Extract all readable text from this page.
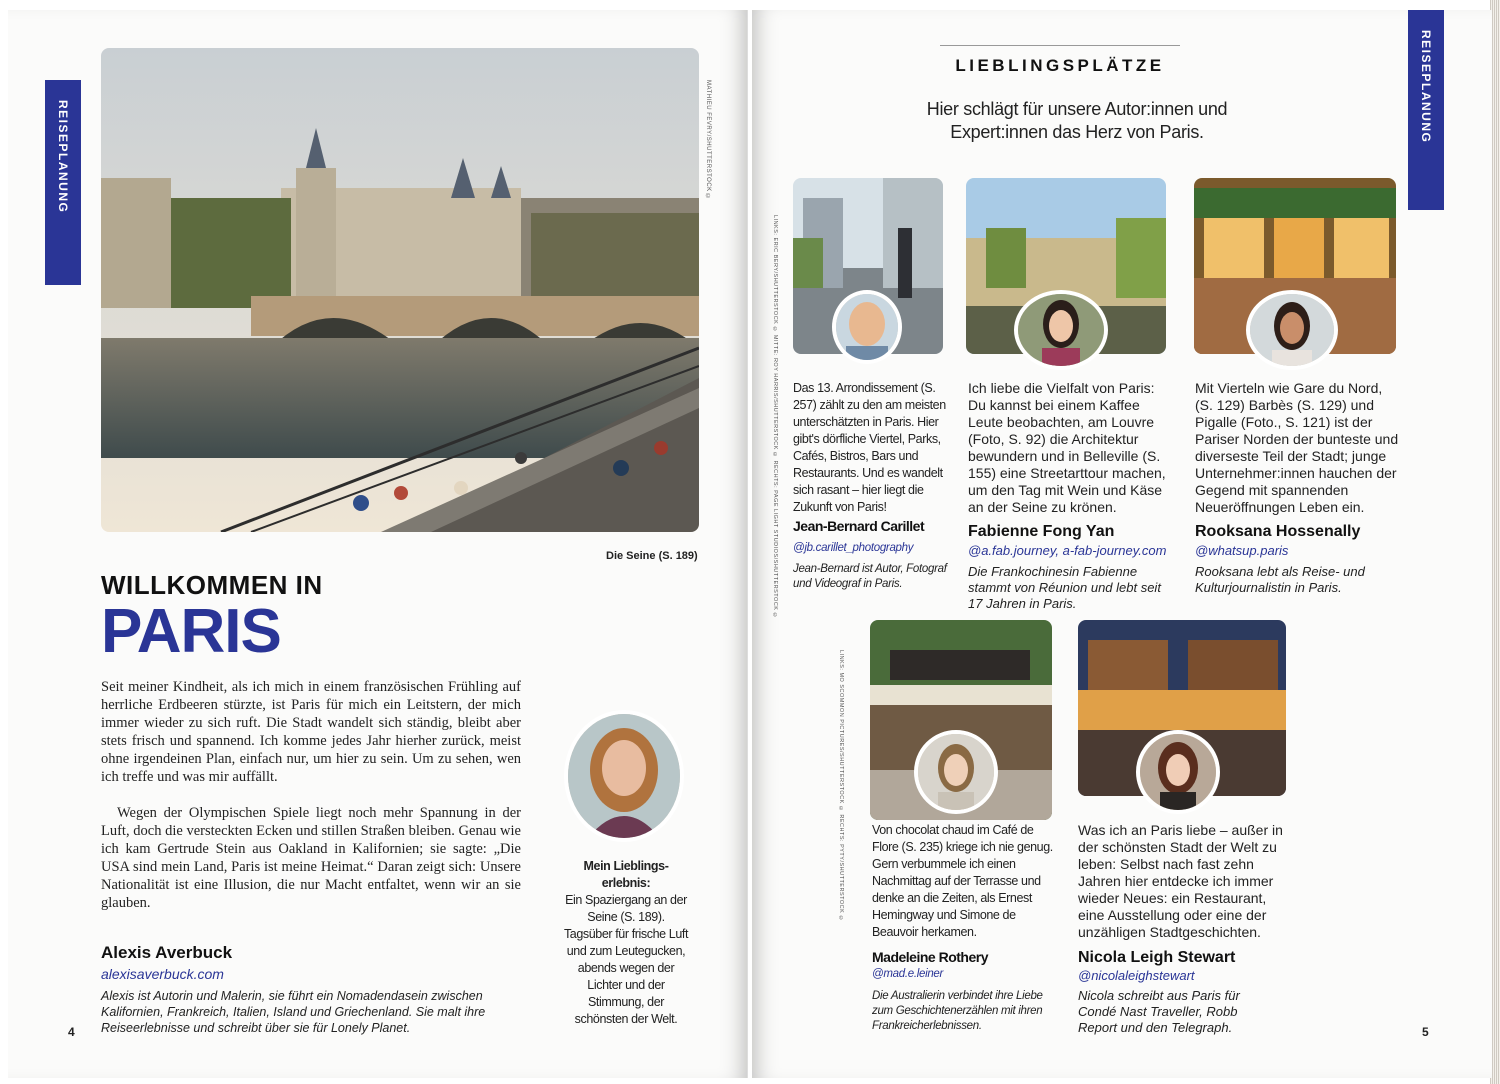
REISEPLANUNG	MATHIEU FEVRY/SHUTTERSTOCK ©
Die Seine (S. 189)
WILLKOMMEN IN
PARIS

Seit meiner Kindheit, als ich mich in einem französischen Frühling auf herrliche Erdbeeren stürzte, ist Paris für mich ein Leitstern, der mich immer wieder zu sich ruft. Die Stadt wandelt sich ständig, bleibt aber stets frisch und spannend. Ich komme jedes Jahr hierher zurück, meist ohne irgendeinen Plan, einfach nur, um hier zu sein. Um zu sehen, wen ich treffe und was mir auffällt.

Wegen der Olympischen Spiele liegt noch mehr Spannung in der Luft, doch die versteckten Ecken und stillen Straßen bleiben. Genau wie ich kam Gertrude Stein aus Oakland in Kalifornien; sie sagte: „Die USA sind mein Land, Paris ist meine Heimat.“ Daran zeigt sich: Unsere Nationalität ist eine Illusion, die nur Macht entfaltet, wenn wir an sie glauben.

Alexis Averbuck
alexisaverbuck.com
Alexis ist Autorin und Malerin, sie führt ein Nomadendasein zwischen Kalifornien, Frankreich, Italien, Island und Griechenland. Sie malt ihre Reiseerlebnisse und schreibt über sie für Lonely Planet.
Mein Lieblings-erlebnis:
Ein Spaziergang an der Seine (S. 189). Tagsüber für frische Luft und zum Leutegucken, abends wegen der Lichter und der Stimmung, der schönsten der Welt.
4
REISEPLANUNG
LIEBLINGSPLÄTZE
Hier schlägt für unsere Autor:innen und Expert:innen das Herz von Paris.
LINKS: ERIC BERY/SHUTTERSTOCK © MITTE: ROY HARRIS/SHUTTERSTOCK © RECHTS: PAGE LIGHT STUDIOS/SHUTTERSTOCK ©
LINKS: MO SCOMMON PICTURES/SHUTTERSTOCK © RECHTS: PYTY/SHUTTERSTOCK ©
Das 13. Arrondissement (S. 257) zählt zu den am meisten unterschätzten in Paris. Hier gibt's dörfliche Viertel, Parks, Cafés, Bistros, Bars und Restaurants. Und es wandelt sich rasant – hier liegt die Zukunft von Paris!
Jean-Bernard Carillet
@jb.carillet_photography
Jean-Bernard ist Autor, Fotograf und Videograf in Paris.
Ich liebe die Vielfalt von Paris: Du kannst bei einem Kaffee Leute beobachten, am Louvre (Foto, S. 92) die Architektur bewundern und in Belleville (S. 155) eine Streetarttour machen, um den Tag mit Wein und Käse an der Seine zu krönen.
Fabienne Fong Yan
@a.fab.journey, a-fab-journey.com
Die Frankochinesin Fabienne stammt von Réunion und lebt seit 17 Jahren in Paris.
Mit Vierteln wie Gare du Nord, (S. 129) Barbès (S. 129) und Pigalle (Foto., S. 121) ist der Pariser Norden der bunteste und diverseste Teil der Stadt; junge Unternehmer:innen hauchen der Gegend mit spannenden Neueröffnungen Leben ein.
Rooksana Hossenally
@whatsup.paris
Rooksana lebt als Reise- und Kulturjournalistin in Paris.
Von chocolat chaud im Café de Flore (S. 235) kriege ich nie genug. Gern verbummele ich einen Nachmittag auf der Terrasse und denke an die Zeiten, als Ernest Hemingway und Simone de Beauvoir herkamen.
Madeleine Rothery
@mad.e.leiner
Die Australierin verbindet ihre Liebe zum Geschichtenerzählen mit ihren Frankreicherlebnissen.
Was ich an Paris liebe – außer in der schönsten Stadt der Welt zu leben: Selbst nach fast zehn Jahren hier entdecke ich immer wieder Neues: ein Restaurant, eine Ausstellung oder eine der unzähligen Stadtgeschichten.
Nicola Leigh Stewart
@nicolaleighstewart
Nicola schreibt aus Paris für Condé Nast Traveller, Robb Report und den Telegraph.	5
